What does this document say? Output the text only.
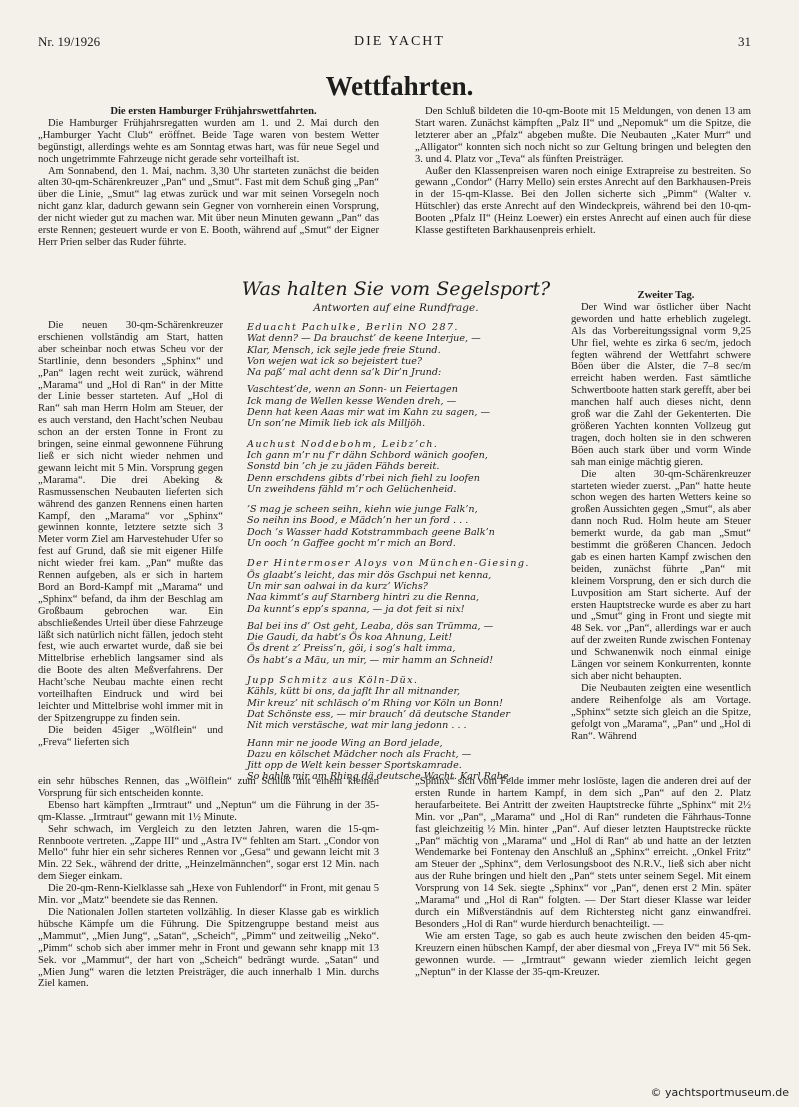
Nr. 19/1926	DIE YACHT	31
Wettfahrten.

Die ersten Hamburger Frühjahrswettfahrten.

Die Hamburger Frühjahrsregatten wurden am 1. und 2. Mai durch den „Hamburger Yacht Club“ eröffnet. Beide Tage waren von bestem Wetter begünstigt, allerdings wehte es am Sonntag etwas hart, was für neue Segel und noch ungetrimmte Fahrzeuge nicht gerade sehr vorteilhaft ist.

Am Sonnabend, den 1. Mai, nachm. 3,30 Uhr starteten zunächst die beiden alten 30-qm-Schärenkreuzer „Pan“ und „Smut“. Fast mit dem Schuß ging „Pan“ über die Linie, „Smut“ lag etwas zurück und war mit seinen Vorsegeln noch nicht ganz klar, dadurch gewann sein Gegner von vornherein einen Vorsprung, der nicht wieder gut zu machen war. Mit über neun Minuten gewann „Pan“ das erste Rennen; gesteuert wurde er von E. Booth, während auf „Smut“ der Eigner Herr Prien selber das Ruder führte.

Die neuen 30-qm-Schärenkreuzer erschienen vollständig am Start, hatten aber scheinbar noch etwas Scheu vor der Startlinie, denn besonders „Sphinx“ und „Pan“ lagen recht weit zurück, während „Marama“ und „Hol di Ran“ in der Mitte der Linie besser starteten. Auf „Hol di Ran“ sah man Herrn Holm am Steuer, der es auch verstand, den Hacht’schen Neubau schon an der ersten Tonne in Front zu bringen, seine einmal gewonnene Führung ließ er sich nicht wieder nehmen und gewann leicht mit 5 Min. Vorsprung gegen „Marama“. Die drei Abeking & Rasmussenschen Neubauten lieferten sich während des ganzen Rennens einen harten Kampf, den „Marama“ vor „Sphinx“ gewinnen konnte, letztere setzte sich 3 Meter vorm Ziel am Harvestehuder Ufer so fest auf Grund, daß sie mit eigener Hilfe nicht wieder frei kam. „Pan“ mußte das Rennen aufgeben, als er sich in hartem Bord an Bord-Kampf mit „Marama“ und „Sphinx“ befand, da ihm der Beschlag am Großbaum gebrochen war. Ein abschließendes Urteil über diese Fahrzeuge läßt sich natürlich nicht fällen, jedoch steht fest, wie auch erwartet wurde, daß sie bei Mittelbrise erheblich langsamer sind als die Boote des alten Meßverfahrens. Der Hacht’sche Neubau machte einen recht vorteilhaften Eindruck und wird bei leichter und Mittelbrise wohl immer mit in der Spitzengruppe zu finden sein.

Die beiden 45iger „Wölflein“ und „Freva“ lieferten sich

ein sehr hübsches Rennen, das „Wölflein“ zum Schluß mit einem kleinen Vorsprung für sich entscheiden konnte.

Ebenso hart kämpften „Irmtraut“ und „Neptun“ um die Führung in der 35-qm-Klasse. „Irmtraut“ gewann mit 1½ Minute.

Sehr schwach, im Vergleich zu den letzten Jahren, waren die 15-qm-Rennboote vertreten. „Zappe III“ und „Astra IV“ fehlten am Start. „Condor von Mello“ fuhr hier ein sehr sicheres Rennen vor „Gesa“ und gewann leicht mit 3 Min. 22 Sek., während der dritte, „Heinzelmännchen“, sogar erst 12 Min. nach dem Sieger einkam.

Die 20-qm-Renn-Kielklasse sah „Hexe von Fuhlendorf“ in Front, mit genau 5 Min. vor „Matz“ beendete sie das Rennen.

Die Nationalen Jollen starteten vollzählig. In dieser Klasse gab es wirklich hübsche Kämpfe um die Führung. Die Spitzengruppe bestand meist aus „Mammut“, „Mien Jung“, „Satan“, „Scheich“, „Pimm“ und zeitweilig „Neko“. „Pimm“ schob sich aber immer mehr in Front und gewann sehr knapp mit 13 Sek. vor „Mammut“, der hart von „Scheich“ bedrängt wurde. „Satan“ und „Mien Jung“ waren die letzten Preisträger, die auch innerhalb 1 Min. durchs Ziel kamen.

Den Schluß bildeten die 10-qm-Boote mit 15 Meldungen, von denen 13 am Start waren. Zunächst kämpften „Palz II“ und „Nepomuk“ um die Spitze, die letzterer aber an „Pfalz“ abgeben mußte. Die Neubauten „Kater Murr“ und „Alligator“ konnten sich noch nicht so zur Geltung bringen und belegten den 3. und 4. Platz vor „Teva“ als fünften Preisträger.

Außer den Klassenpreisen waren noch einige Extrapreise zu bestreiten. So gewann „Condor“ (Harry Mello) sein erstes Anrecht auf den Barkhausen-Preis in der 15-qm-Klasse. Bei den Jollen sicherte sich „Pimm“ (Walter v. Hütschler) das erste Anrecht auf den Windeckpreis, während bei den 10-qm-Booten „Pfalz II“ (Heinz Loewer) ein erstes Anrecht auf einen auch für diese Klasse gestifteten Barkhausenpreis erhielt.

Zweiter Tag.

Der Wind war östlicher über Nacht geworden und hatte erheblich zugelegt. Als das Vorbereitungssignal vorm 9,25 Uhr fiel, wehte es zirka 6 sec/m, jedoch fegten während der Wettfahrt schwere Böen über die Alster, die 7–8 sec/m erreicht haben werden. Fast sämtliche Schwertboote hatten stark gerefft, aber bei manchen half auch dieses nicht, denn groß war die Zahl der Gekenterten. Die größeren Yachten konnten Vollzeug gut tragen, doch holten sie in den schweren Böen auch stark über und vorm Winde sah man einige mächtig gieren.

Die alten 30-qm-Schärenkreuzer starteten wieder zuerst. „Pan“ hatte heute schon wegen des harten Wetters keine so großen Aussichten gegen „Smut“, als aber dann noch Rud. Holm heute am Steuer bemerkt wurde, da gab man „Smut“ bestimmt die größeren Chancen. Jedoch gab es einen harten Kampf zwischen den beiden, zunächst führte „Pan“ mit kleinem Vorsprung, den er sich durch die Luvposition am Start sicherte. Auf der ersten Hauptstrecke wurde es aber zu hart und „Smut“ ging in Front und siegte mit 48 Sek. vor „Pan“, allerdings war er auch auf der zweiten Runde zwischen Fontenay und Schwanenwik noch einmal einige Längen vor seinem Konkurrenten, konnte sich aber nicht behaupten.

Die Neubauten zeigten eine wesentlich andere Reihenfolge als am Vortage. „Sphinx“ setzte sich gleich an die Spitze, gefolgt von „Marama“, „Pan“ und „Hol di Ran“. Während

„Sphinx“ sich vom Felde immer mehr loslöste, lagen die anderen drei auf der ersten Runde in hartem Kampf, in dem sich „Pan“ auf den 2. Platz heraufarbeitete. Bei Antritt der zweiten Hauptstrecke führte „Sphinx“ mit 2½ Min. vor „Pan“, „Marama“ und „Hol di Ran“ rundeten die Fährhaus-Tonne fast gleichzeitig ½ Min. hinter „Pan“. Auf dieser letzten Hauptstrecke rückte „Pan“ mächtig von „Marama“ und „Hol di Ran“ ab und hatte an der letzten Wendemarke bei Fontenay den Anschluß an „Sphinx“ erreicht. „Onkel Fritz“ am Steuer der „Sphinx“, dem Verlosungsboot des N.R.V., ließ sich aber nicht aus der Ruhe bringen und hielt den „Pan“ stets unter seinem Segel. Mit einem Vorsprung von 14 Sek. siegte „Sphinx“ vor „Pan“, denen erst 2 Min. später „Marama“ und „Hol di Ran“ folgten. — Der Start dieser Klasse war leider durch ein Mißverständnis auf dem Richtersteg nicht ganz einwandfrei. Besonders „Hol di Ran“ wurde hierdurch benachteiligt. —

Wie am ersten Tage, so gab es auch heute zwischen den beiden 45-qm-Kreuzern einen hübschen Kampf, der aber diesmal von „Freya IV“ mit 56 Sek. gewonnen wurde. — „Irmtraut“ gewann wieder ziemlich leicht gegen „Neptun“ in der Klasse der 35-qm-Kreuzer.

Was halten Sie vom Segelsport?

Antworten auf eine Rundfrage.

Eduacht Pachulke, Berlin NO 287.
Wat denn? — Da brauchst’ de keene Interjue, —
Klar, Mensch, ick sejle jede freie Stund.
Von wejen wat ick so bejeistert tue?
Na paß’ mal acht denn sa’k Dir’n Jrund:
Vaschtest’de, wenn an Sonn- un Feiertagen
Ick mang de Wellen kesse Wenden dreh, —
Denn hat keen Aaas mir wat im Kahn zu sagen, —
Un son’ne Mimik lieb ick als Milljöh.
Auchust Noddebohm, Leibz’ch.
Ich gann m’r nu f’r dähn Schbord wänich goofen,
Sonstd bin ’ch je zu jäden Fähds bereit.
Denn erschdens gibts d’rbei nich fiehl zu loofen
Un zweihdens fähld m’r och Gelüchenheid.
’S mag je scheen seihn, kiehn wie junge Falk’n,
So neihn ins Bood, e Mädch’n her un ford . . .
Doch ’s Wasser hadd Kotstrammbach geene Balk’n
Un ooch ’n Gaffee gocht m’r mich an Bord.
Der Hintermoser Aloys von München-Giesing.
Ös glaabt’s leicht, das mir dös Gschpui net kenna,
Un mir san oalwai in da kurz’ Wichs?
Naa kimmt’s auf Starnberg hintri zu die Renna,
Da kunnt’s epp’s spanna, — ja dot feit si nix!
Bal bei ins d’ Ost geht, Leaba, dös san Trümma, —
Die Gaudi, da habt’s Ös koa Ahnung, Leit!
Ös drent z’ Preiss’n, göi, i sog’s halt imma,
Ös habt’s a Mäu, un mir, — mir hamm an Schneid!
Jupp Schmitz aus Köln-Düx.
Kähls, kütt bi ons, da jaflt Ihr all mitnander,
Mir kreuz’ nit schläsch o’m Rhing vor Köln un Bonn!
Dat Schönste ess, — mir brauch’ dä deutsche Stander
Nit mich verstäsche, wat mir lang jedonn . . .
Hann mir ne joode Wing an Bord jelade,
Dazu en kölschet Mädcher noch als Fracht, —
Jitt opp de Welt kein besser Sportskamrade.
So hahle mir am Rhing dä deutsche Wacht. Karl Rabe.
© yachtsportmuseum.de
